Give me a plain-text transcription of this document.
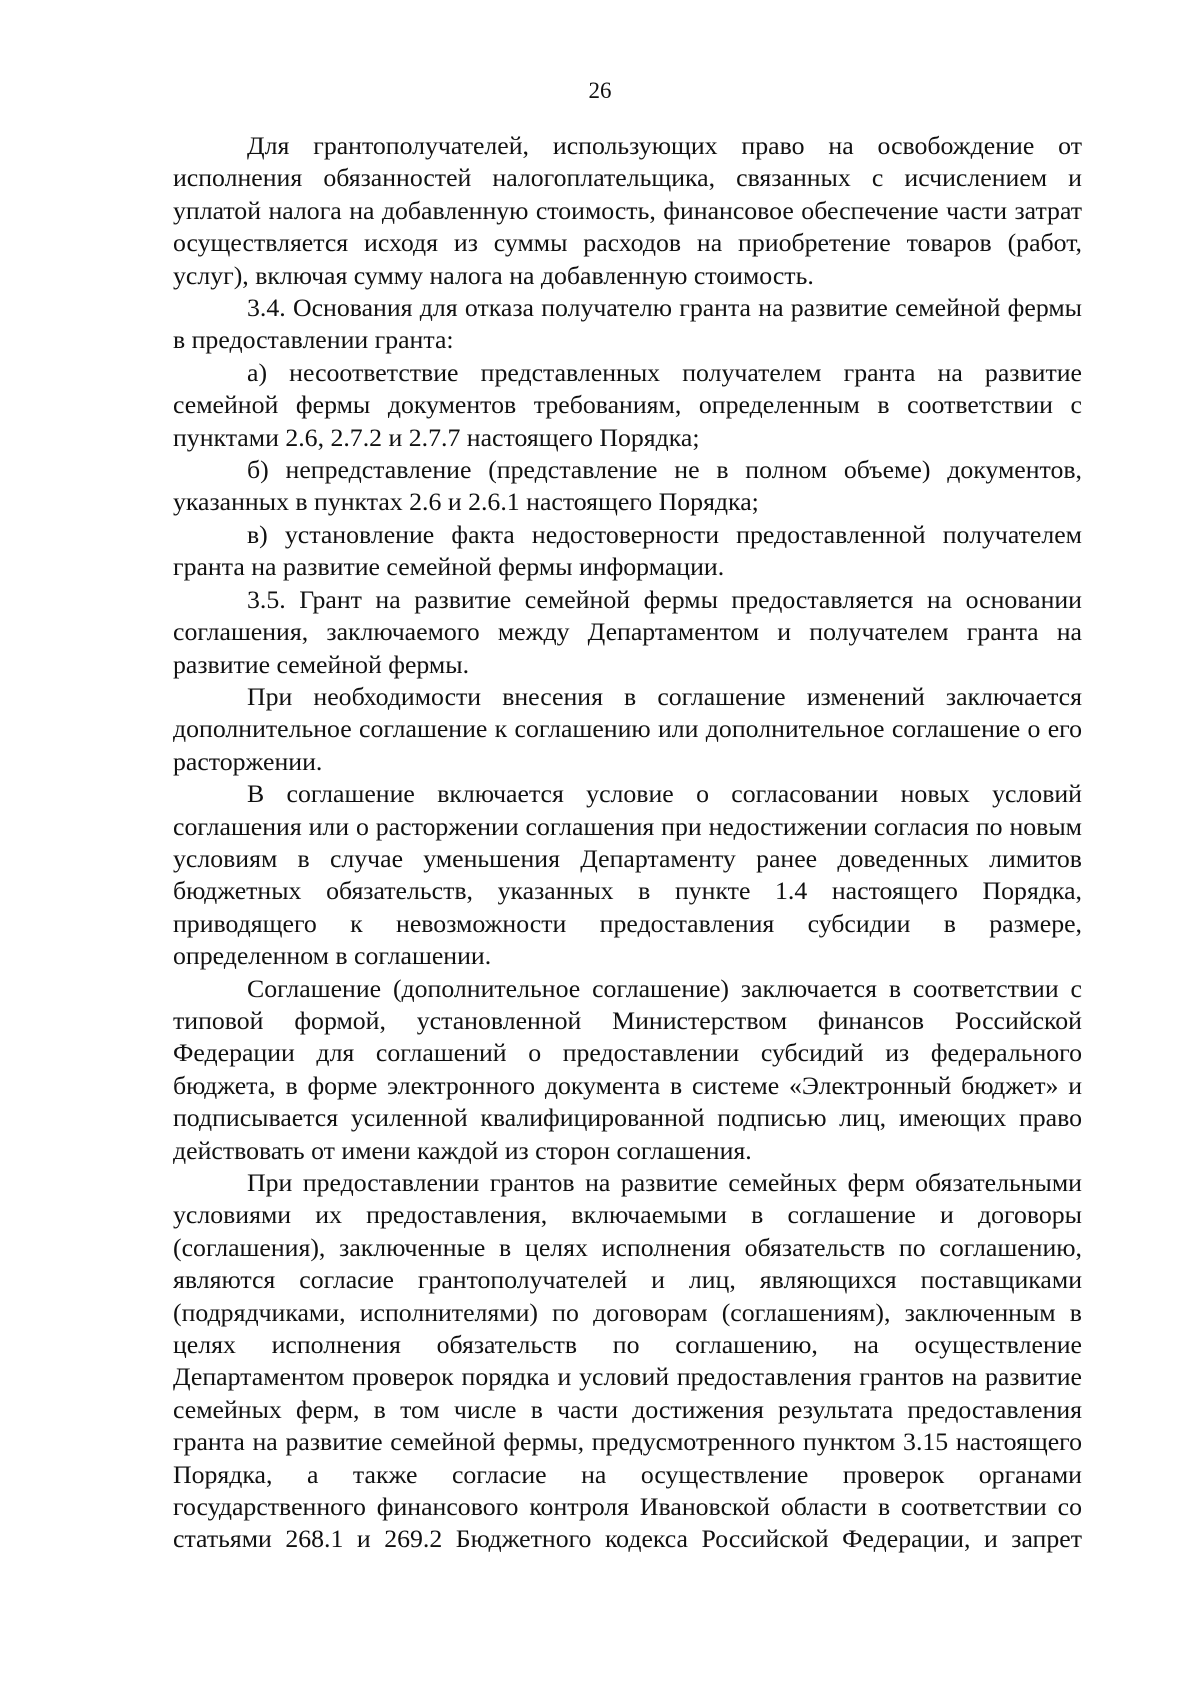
26

Для грантополучателей, использующих право на освобождение от исполнения обязанностей налогоплательщика, связанных с исчислением и уплатой налога на добавленную стоимость, финансовое обеспечение части затрат осуществляется исходя из суммы расходов на приобретение товаров (работ, услуг), включая сумму налога на добавленную стоимость.

3.4. Основания для отказа получателю гранта на развитие семейной фермы в предоставлении гранта:

а) несоответствие представленных получателем гранта на развитие семейной фермы документов требованиям, определенным в соответствии с пунктами 2.6, 2.7.2 и 2.7.7 настоящего Порядка;

б) непредставление (представление не в полном объеме) документов, указанных в пунктах 2.6 и 2.6.1 настоящего Порядка;

в) установление факта недостоверности предоставленной получателем гранта на развитие семейной фермы информации.

3.5. Грант на развитие семейной фермы предоставляется на основании соглашения, заключаемого между Департаментом и получателем гранта на развитие семейной фермы.

При необходимости внесения в соглашение изменений заключается дополнительное соглашение к соглашению или дополнительное соглашение о его расторжении.

В соглашение включается условие о согласовании новых условий соглашения или о расторжении соглашения при недостижении согласия по новым условиям в случае уменьшения Департаменту ранее доведенных лимитов бюджетных обязательств, указанных в пункте 1.4 настоящего Порядка, приводящего к невозможности предоставления субсидии в размере, определенном в соглашении.

Соглашение (дополнительное соглашение) заключается в соответствии с типовой формой, установленной Министерством финансов Российской Федерации для соглашений о предоставлении субсидий из федерального бюджета, в форме электронного документа в системе «Электронный бюджет» и подписывается усиленной квалифицированной подписью лиц, имеющих право действовать от имени каждой из сторон соглашения.

При предоставлении грантов на развитие семейных ферм обязательными условиями их предоставления, включаемыми в соглашение и договоры (соглашения), заключенные в целях исполнения обязательств по соглашению, являются согласие грантополучателей и лиц, являющихся поставщиками (подрядчиками, исполнителями) по договорам (соглашениям), заключенным в целях исполнения обязательств по соглашению, на осуществление Департаментом проверок порядка и условий предоставления грантов на развитие семейных ферм, в том числе в части достижения результата предоставления гранта на развитие семейной фермы, предусмотренного пунктом 3.15 настоящего Порядка, а также согласие на осуществление проверок органами государственного финансового контроля Ивановской области в соответствии со статьями 268.1 и 269.2 Бюджетного кодекса Российской Федерации, и запрет
